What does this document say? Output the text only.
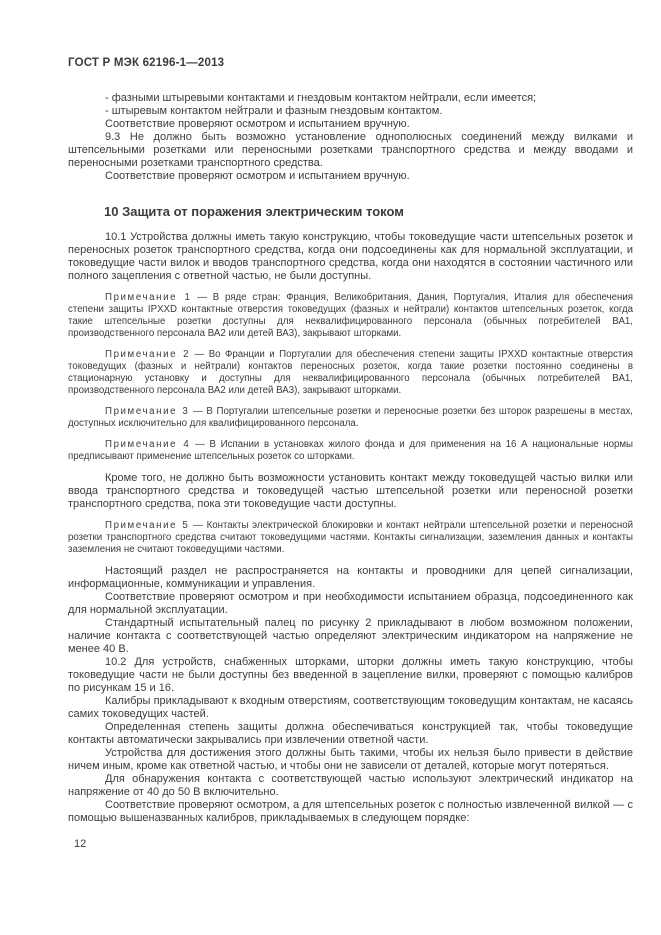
ГОСТ Р МЭК 62196-1—2013

- фазными штыревыми контактами и гнездовым контактом нейтрали, если имеется;

- штыревым контактом нейтрали и фазным гнездовым контактом.

Соответствие проверяют осмотром и испытанием вручную.

9.3 Не должно быть возможно установление однополюсных соединений между вилками и штепсельными розетками или переносными розетками транспортного средства и между вводами и переносными розетками транспортного средства.

Соответствие проверяют осмотром и испытанием вручную.

10 Защита от поражения электрическим током

10.1 Устройства должны иметь такую конструкцию, чтобы токоведущие части штепсельных розеток и переносных розеток транспортного средства, когда они подсоединены как для нормальной эксплуатации, и токоведущие части вилок и вводов транспортного средства, когда они находятся в состоянии частичного или полного зацепления с ответной частью, не были доступны.

Примечание 1 — В ряде стран: Франция, Великобритания, Дания, Португалия, Италия для обеспечения степени защиты IPXXD контактные отверстия токоведущих (фазных и нейтрали) контактов штепсельных розеток, когда такие штепсельные розетки доступны для неквалифицированного персонала (обычных потребителей ВА1, производственного персонала ВА2 или детей ВА3), закрывают шторками.

Примечание 2 — Во Франции и Португалии для обеспечения степени защиты IPXXD контактные отверстия токоведущих (фазных и нейтрали) контактов переносных розеток, когда такие розетки постоянно соединены в стационарную установку и доступны для неквалифицированного персонала (обычных потребителей ВА1, производственного персонала ВА2 или детей ВА3), закрывают шторками.

Примечание 3 — В Португалии штепсельные розетки и переносные розетки без шторок разрешены в местах, доступных исключительно для квалифицированного персонала.

Примечание 4 — В Испании в установках жилого фонда и для применения на 16 А национальные нормы предписывают применение штепсельных розеток со шторками.

Кроме того, не должно быть возможности установить контакт между токоведущей частью вилки или ввода транспортного средства и токоведущей частью штепсельной розетки или переносной розетки транспортного средства, пока эти токоведущие части доступны.

Примечание 5 — Контакты электрической блокировки и контакт нейтрали штепсельной розетки и переносной розетки транспортного средства считают токоведущими частями. Контакты сигнализации, заземления данных и контакты заземления не считают токоведущими частями.

Настоящий раздел не распространяется на контакты и проводники для цепей сигнализации, информационные, коммуникации и управления.

Соответствие проверяют осмотром и при необходимости испытанием образца, подсоединенного как для нормальной эксплуатации.

Стандартный испытательный палец по рисунку 2 прикладывают в любом возможном положении, наличие контакта с соответствующей частью определяют электрическим индикатором на напряжение не менее 40 В.

10.2 Для устройств, снабженных шторками, шторки должны иметь такую конструкцию, чтобы токоведущие части не были доступны без введенной в зацепление вилки, проверяют с помощью калибров по рисункам 15 и 16.

Калибры прикладывают к входным отверстиям, соответствующим токоведущим контактам, не касаясь самих токоведущих частей.

Определенная степень защиты должна обеспечиваться конструкцией так, чтобы токоведущие контакты автоматически закрывались при извлечении ответной части.

Устройства для достижения этого должны быть такими, чтобы их нельзя было привести в действие ничем иным, кроме как ответной частью, и чтобы они не зависели от деталей, которые могут потеряться.

Для обнаружения контакта с соответствующей частью используют электрический индикатор на напряжение от 40 до 50 В включительно.

Соответствие проверяют осмотром, а для штепсельных розеток с полностью извлеченной вилкой — с помощью вышеназванных калибров, прикладываемых в следующем порядке:

12
